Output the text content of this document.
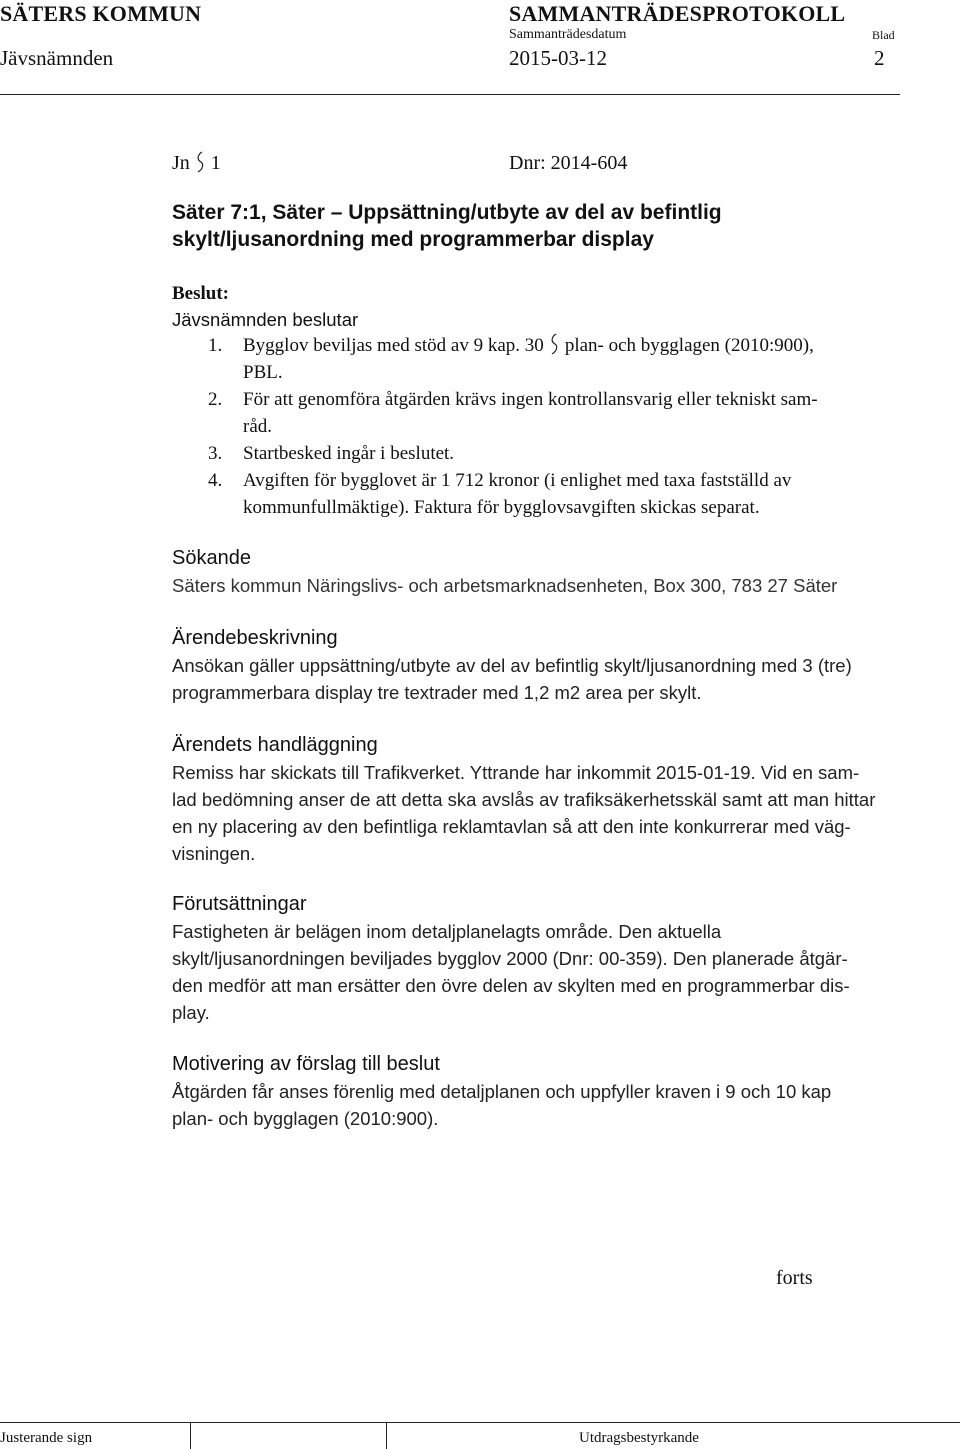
SÄTERS KOMMUN	SAMMANTRÄDESPROTOKOLL
Sammanträdesdatum	Blad
Jävsnämnden	2015-03-12	2
Jn 1	Dnr: 2014-604
Säter 7:1, Säter – Uppsättning/utbyte av del av befintlig
skylt/ljusanordning med programmerbar display
Beslut:
Jävsnämnden beslutar
1. Bygglov beviljas med stöd av 9 kap. 30 plan- och bygglagen (2010:900),
PBL.
2. För att genomföra åtgärden krävs ingen kontrollansvarig eller tekniskt sam-
råd.
3. Startbesked ingår i beslutet.
4. Avgiften för bygglovet är 1 712 kronor (i enlighet med taxa fastställd av
kommunfullmäktige). Faktura för bygglovsavgiften skickas separat.
Sökande
Säters kommun Näringslivs- och arbetsmarknadsenheten, Box 300, 783 27 Säter
Ärendebeskrivning
Ansökan gäller uppsättning/utbyte av del av befintlig skylt/ljusanordning med 3 (tre)
programmerbara display tre textrader med 1,2 m2 area per skylt.
Ärendets handläggning
Remiss har skickats till Trafikverket. Yttrande har inkommit 2015-01-19. Vid en sam-
lad bedömning anser de att detta ska avslås av trafiksäkerhetsskäl samt att man hittar
en ny placering av den befintliga reklamtavlan så att den inte konkurrerar med väg-
visningen.
Förutsättningar
Fastigheten är belägen inom detaljplanelagts område. Den aktuella
skylt/ljusanordningen beviljades bygglov 2000 (Dnr: 00-359). Den planerade åtgär-
den medför att man ersätter den övre delen av skylten med en programmerbar dis-
play.
Motivering av förslag till beslut
Åtgärden får anses förenlig med detaljplanen och uppfyller kraven i 9 och 10 kap
plan- och bygglagen (2010:900).
forts
Justerande sign	Utdragsbestyrkande
